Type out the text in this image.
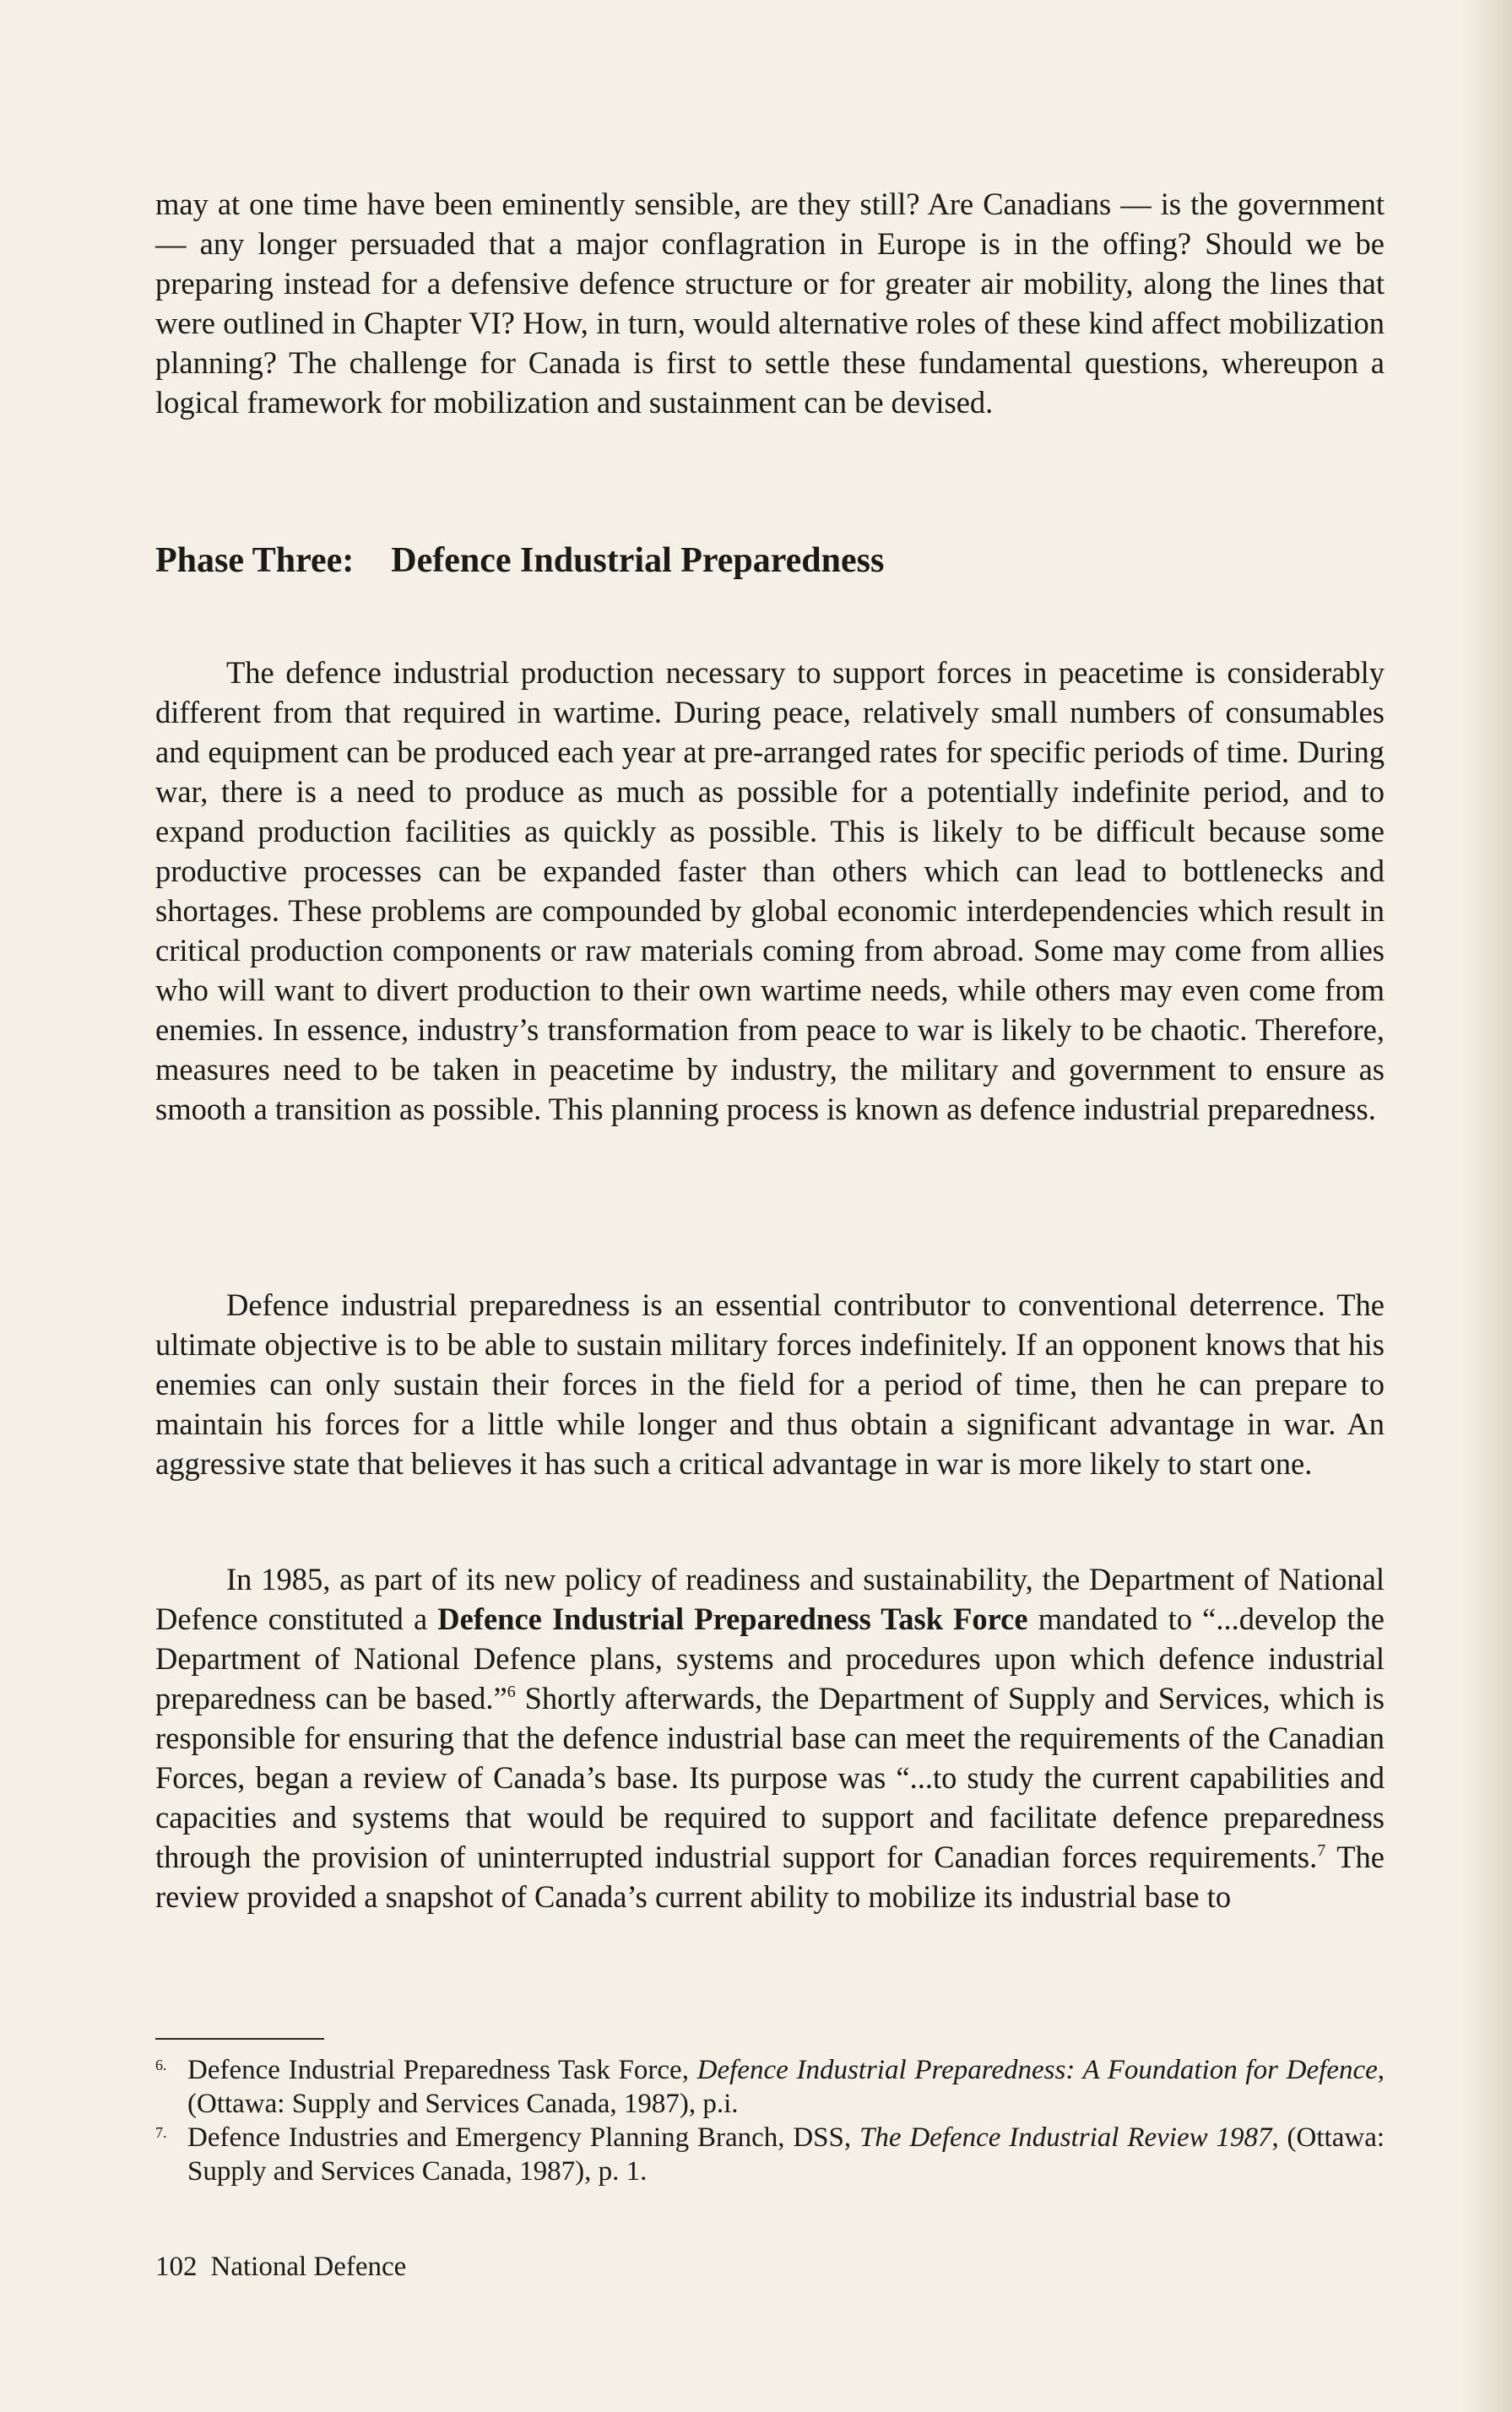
may at one time have been eminently sensible, are they still? Are Canadians — is the government — any longer persuaded that a major conflagration in Europe is in the offing? Should we be preparing instead for a defensive defence structure or for greater air mobility, along the lines that were outlined in Chapter VI? How, in turn, would alternative roles of these kind affect mobilization planning? The challenge for Canada is first to settle these fundamental questions, whereupon a logical framework for mobilization and sustainment can be devised.

Phase Three: Defence Industrial Preparedness

The defence industrial production necessary to support forces in peacetime is considerably different from that required in wartime. During peace, relatively small numbers of consumables and equipment can be produced each year at pre-arranged rates for specific periods of time. During war, there is a need to produce as much as possible for a potentially indefinite period, and to expand production facilities as quickly as possible. This is likely to be difficult because some productive processes can be expanded faster than others which can lead to bottlenecks and shortages. These problems are compounded by global economic interdependencies which result in critical production components or raw materials coming from abroad. Some may come from allies who will want to divert production to their own wartime needs, while others may even come from enemies. In essence, industry’s transformation from peace to war is likely to be chaotic. Therefore, measures need to be taken in peacetime by industry, the military and government to ensure as smooth a transition as possible. This planning process is known as defence industrial preparedness.

Defence industrial preparedness is an essential contributor to conventional deterrence. The ultimate objective is to be able to sustain military forces indefinitely. If an opponent knows that his enemies can only sustain their forces in the field for a period of time, then he can prepare to maintain his forces for a little while longer and thus obtain a significant advantage in war. An aggressive state that believes it has such a critical advantage in war is more likely to start one.

In 1985, as part of its new policy of readiness and sustainability, the Department of National Defence constituted a Defence Industrial Preparedness Task Force mandated to “...develop the Department of National Defence plans, systems and procedures upon which defence industrial preparedness can be based.”$^6$ Shortly afterwards, the Department of Supply and Services, which is responsible for ensuring that the defence industrial base can meet the requirements of the Canadian Forces, began a review of Canada’s base. Its purpose was “...to study the current capabilities and capacities and systems that would be required to support and facilitate defence preparedness through the provision of uninterrupted industrial support for Canadian forces requirements.$^7$ The review provided a snapshot of Canada’s current ability to mobilize its industrial base to

6. Defence Industrial Preparedness Task Force, Defence Industrial Preparedness: A Foundation for Defence, (Ottawa: Supply and Services Canada, 1987), p.i.

7. Defence Industries and Emergency Planning Branch, DSS, The Defence Industrial Review 1987, (Ottawa: Supply and Services Canada, 1987), p. 1.

102 National Defence
